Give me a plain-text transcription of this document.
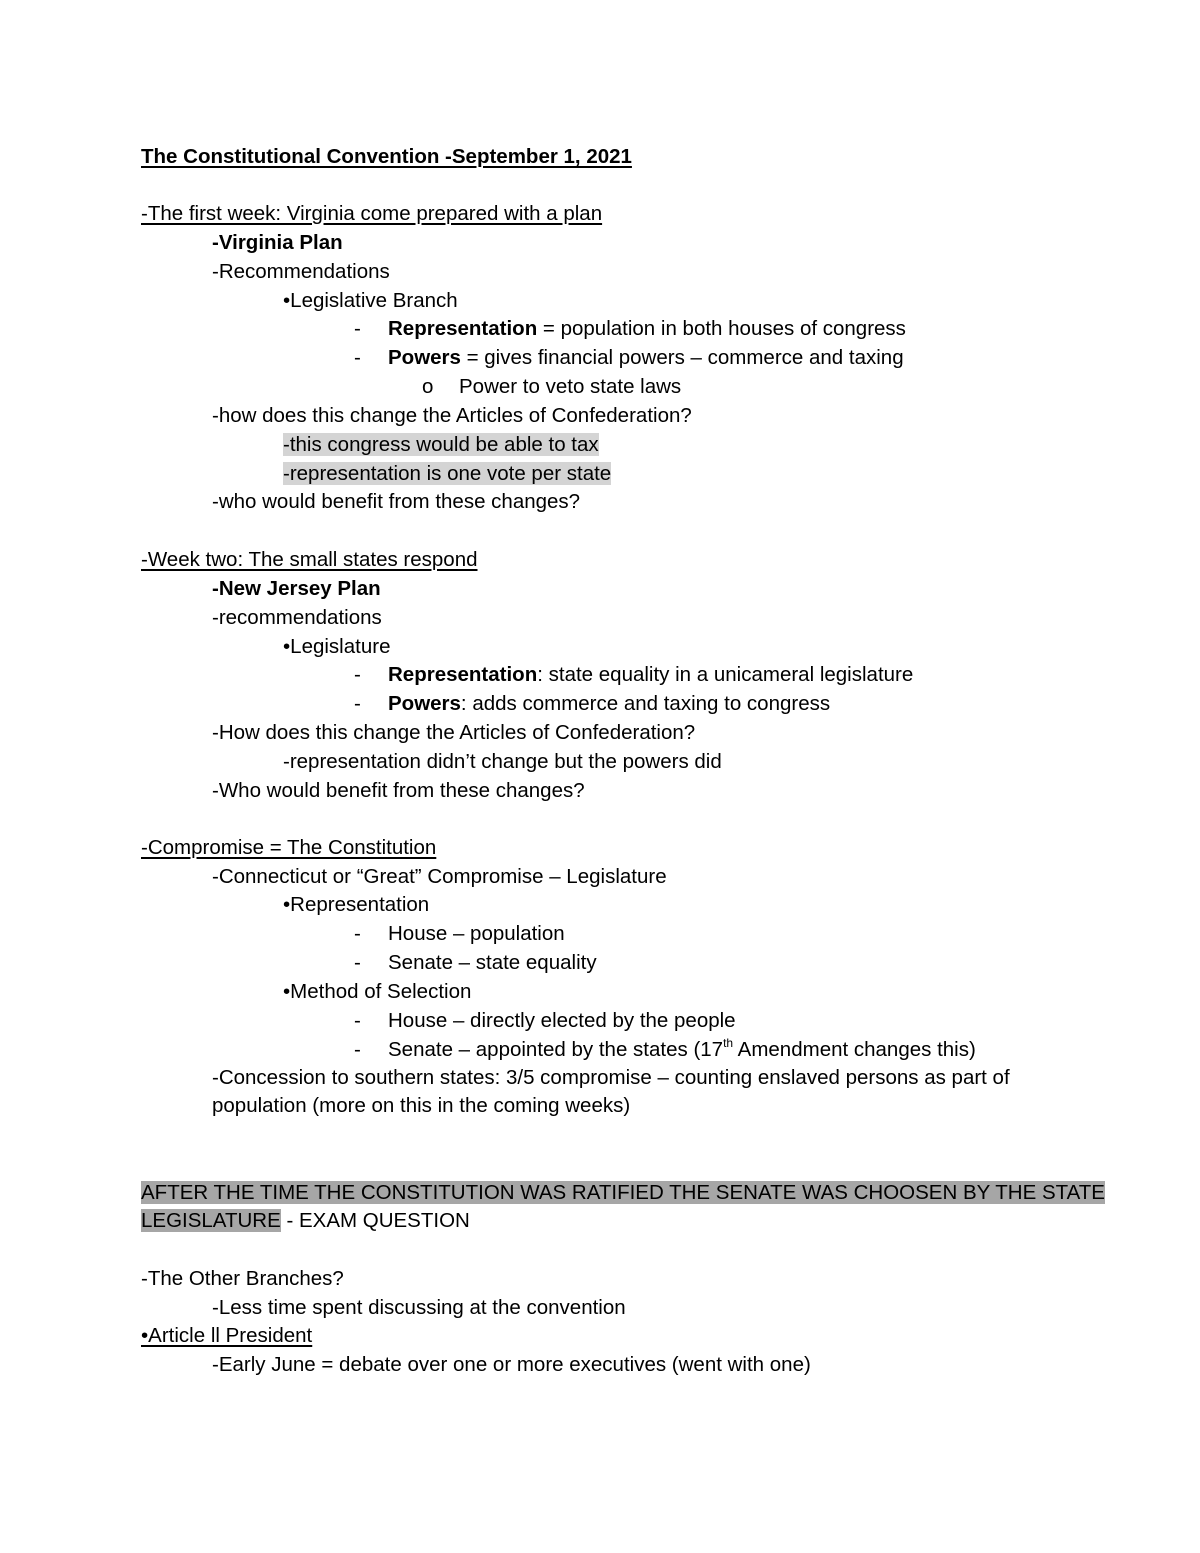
The Constitutional Convention -September 1, 2021
-The first week: Virginia come prepared with a plan
-Virginia Plan
-Recommendations
•Legislative Branch
- Representation = population in both houses of congress
- Powers = gives financial powers – commerce and taxing
o Power to veto state laws
-how does this change the Articles of Confederation?
-this congress would be able to tax
-representation is one vote per state
-who would benefit from these changes?
-Week two: The small states respond
-New Jersey Plan
-recommendations
•Legislature
- Representation: state equality in a unicameral legislature
- Powers: adds commerce and taxing to congress
-How does this change the Articles of Confederation?
-representation didn’t change but the powers did
-Who would benefit from these changes?
-Compromise = The Constitution
-Connecticut or “Great” Compromise – Legislature
•Representation
- House – population
- Senate – state equality
•Method of Selection
- House – directly elected by the people
- Senate – appointed by the states (17th Amendment changes this)
-Concession to southern states: 3/5 compromise – counting enslaved persons as part of
population (more on this in the coming weeks)
AFTER THE TIME THE CONSTITUTION WAS RATIFIED THE SENATE WAS CHOOSEN BY THE STATE
LEGISLATURE - EXAM QUESTION
-The Other Branches?
-Less time spent discussing at the convention
•Article ll President
-Early June = debate over one or more executives (went with one)
